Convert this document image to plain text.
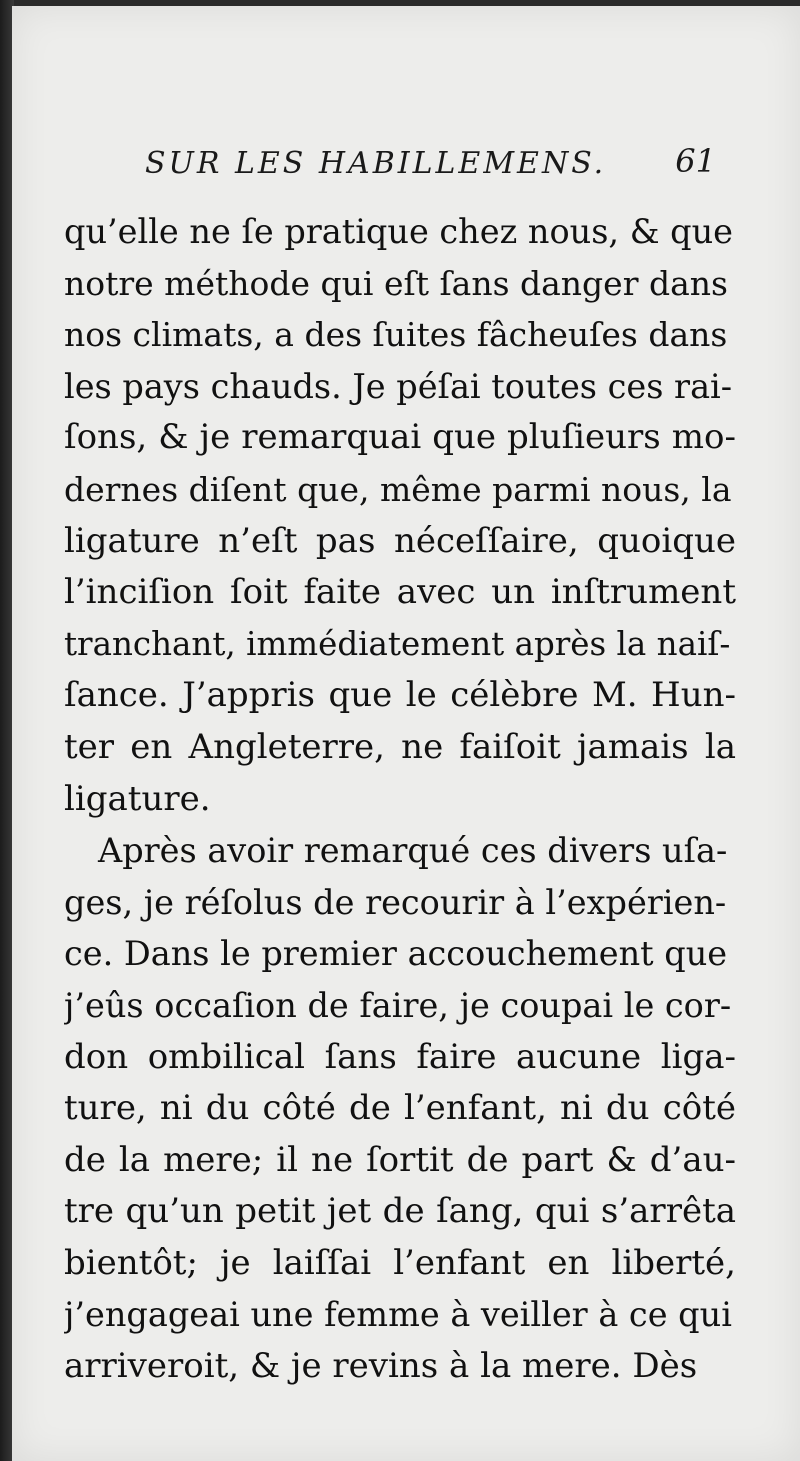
SUR LES HABILLEMENS. 61
qu’elle ne ſe pratique chez nous, & que
notre méthode qui eſt ſans danger dans
nos climats, a des ſuites fâcheuſes dans
les pays chauds. Je péſai toutes ces rai-
ſons, & je remarquai que pluſieurs mo-
dernes diſent que, même parmi nous, la
ligature n’eſt pas néceſſaire, quoique
l’inciſion ſoit faite avec un inſtrument
tranchant, immédiatement après la naiſ-
ſance. J’appris que le célèbre M. Hun-
ter en Angleterre, ne faiſoit jamais la
ligature.
Après avoir remarqué ces divers uſa-
ges, je réſolus de recourir à l’expérien-
ce. Dans le premier accouchement que
j’eûs occaſion de faire, je coupai le cor-
don ombilical ſans faire aucune liga-
ture, ni du côté de l’enfant, ni du côté
de la mere; il ne ſortit de part & d’au-
tre qu’un petit jet de ſang, qui s’arrêta
bientôt; je laiſſai l’enfant en liberté,
j’engageai une femme à veiller à ce qui
arriveroit, & je revins à la mere. Dès
